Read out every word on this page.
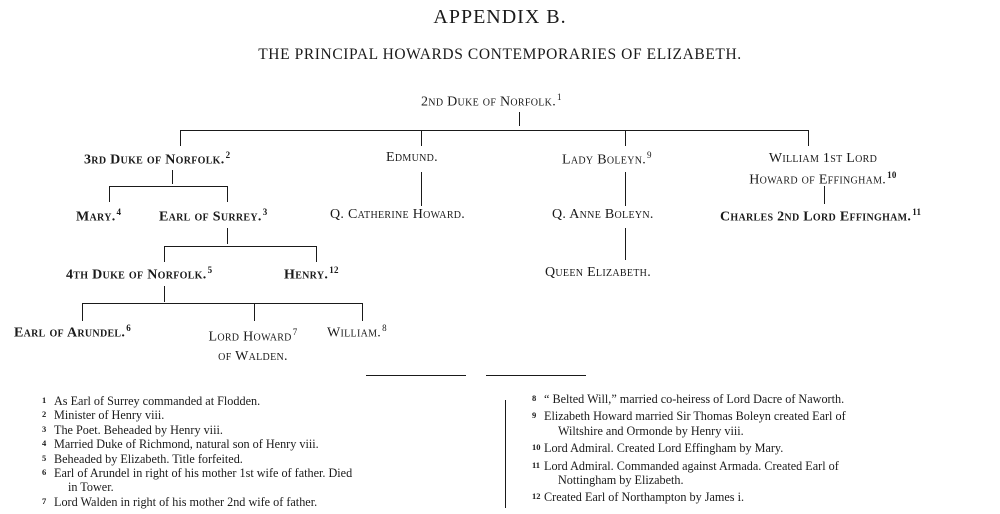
APPENDIX B.
THE PRINCIPAL HOWARDS CONTEMPORARIES OF ELIZABETH.
2nd Duke of Norfolk.$^1$
3rd Duke of Norfolk.$^2$	Edmund.	Lady Boleyn.$^9$	William 1st Lord
Howard of Effingham.$^{10}$
Mary.$^4$	Earl of Surrey.$^3$	Q. Catherine Howard.	Q. Anne Boleyn.	Charles 2nd Lord Effingham.$^{11}$
4th Duke of Norfolk.$^5$	Henry.$^{12}$	Queen Elizabeth.
Earl of Arundel.$^6$
Lord Howard$^7$
of Walden.
William.$^8$
1 As Earl of Surrey commanded at Flodden.
2 Minister of Henry viii.
3 The Poet. Beheaded by Henry viii.
4 Married Duke of Richmond, natural son of Henry viii.
5 Beheaded by Elizabeth. Title forfeited.
6 Earl of Arundel in right of his mother 1st wife of father. Died
in Tower.
7 Lord Walden in right of his mother 2nd wife of father.
8 “ Belted Will,” married co-heiress of Lord Dacre of Naworth.
9 Elizabeth Howard married Sir Thomas Boleyn created Earl of
Wiltshire and Ormonde by Henry viii.
10 Lord Admiral. Created Lord Effingham by Mary.
11 Lord Admiral. Commanded against Armada. Created Earl of
Nottingham by Elizabeth.
12 Created Earl of Northampton by James i.
